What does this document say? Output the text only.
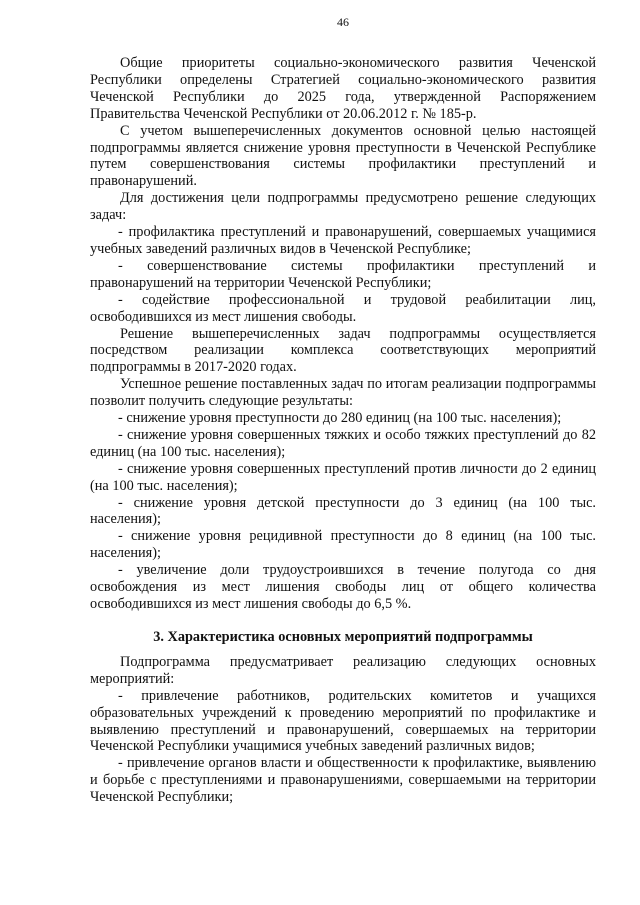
46

Общие приоритеты социально-экономического развития Чеченской Республики определены Стратегией социально-экономического развития Чеченской Республики до 2025 года, утвержденной Распоряжением Правительства Чеченской Республики от 20.06.2012 г. № 185-р.

С учетом вышеперечисленных документов основной целью настоящей подпрограммы является снижение уровня преступности в Чеченской Республике путем совершенствования системы профилактики преступлений и правонарушений.

Для достижения цели подпрограммы предусмотрено решение следующих задач:

- профилактика преступлений и правонарушений, совершаемых учащимися учебных заведений различных видов в Чеченской Республике;

- совершенствование системы профилактики преступлений и правонарушений на территории Чеченской Республики;

- содействие профессиональной и трудовой реабилитации лиц, освободившихся из мест лишения свободы.

Решение вышеперечисленных задач подпрограммы осуществляется посредством реализации комплекса соответствующих мероприятий подпрограммы в 2017-2020 годах.

Успешное решение поставленных задач по итогам реализации подпрограммы позволит получить следующие результаты:

- снижение уровня преступности до 280 единиц (на 100 тыс. населения);

- снижение уровня совершенных тяжких и особо тяжких преступлений до 82 единиц (на 100 тыс. населения);

- снижение уровня совершенных преступлений против личности до 2 единиц (на 100 тыс. населения);

- снижение уровня детской преступности до 3 единиц (на 100 тыс. населения);

- снижение уровня рецидивной преступности до 8 единиц (на 100 тыс. населения);

- увеличение доли трудоустроившихся в течение полугода со дня освобождения из мест лишения свободы лиц от общего количества освободившихся из мест лишения свободы до 6,5 %.

3. Характеристика основных мероприятий подпрограммы

Подпрограмма предусматривает реализацию следующих основных мероприятий:

- привлечение работников, родительских комитетов и учащихся образовательных учреждений к проведению мероприятий по профилактике и выявлению преступлений и правонарушений, совершаемых на территории Чеченской Республики учащимися учебных заведений различных видов;

- привлечение органов власти и общественности к профилактике, выявлению и борьбе с преступлениями и правонарушениями, совершаемыми на территории Чеченской Республики;
